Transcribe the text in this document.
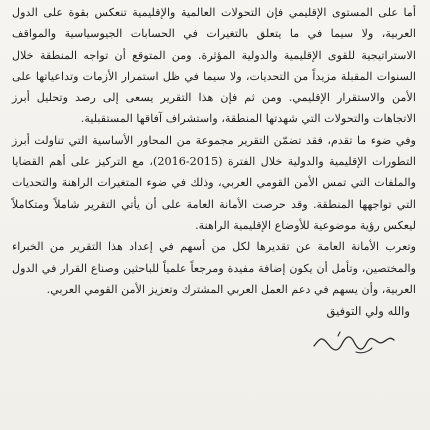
أما على المستوى الإقليمي فإن التحولات العالمية والإقليمية تنعكس بقوة على الدول العربية، ولا سيما في ما يتعلق بالتغيرات في الحسابات الجيوسياسية والمواقف الاستراتيجية للقوى الإقليمية والدولية المؤثرة. ومن المتوقع أن تواجه المنطقة خلال السنوات المقبلة مزيداً من التحديات، ولا سيما في ظل استمرار الأزمات وتداعياتها على الأمن والاستقرار الإقليمي. ومن ثم فإن هذا التقرير يسعى إلى رصد وتحليل أبرز الاتجاهات والتحولات التي شهدتها المنطقة، واستشراف آفاقها المستقبلية.

وفي ضوء ما تقدم، فقد تضمّن التقرير مجموعة من المحاور الأساسية التي تناولت أبرز التطورات الإقليمية والدولية خلال الفترة (2015-2016)، مع التركيز على أهم القضايا والملفات التي تمس الأمن القومي العربي، وذلك في ضوء المتغيرات الراهنة والتحديات التي تواجهها المنطقة. وقد حرصت الأمانة العامة على أن يأتي التقرير شاملاً ومتكاملاً ليعكس رؤية موضوعية للأوضاع الإقليمية الراهنة.

وتعرب الأمانة العامة عن تقديرها لكل من أسهم في إعداد هذا التقرير من الخبراء والمختصين، وتأمل أن يكون إضافة مفيدة ومرجعاً علمياً للباحثين وصناع القرار في الدول العربية، وأن يسهم في دعم العمل العربي المشترك وتعزيز الأمن القومي العربي.

والله ولي التوفيق
